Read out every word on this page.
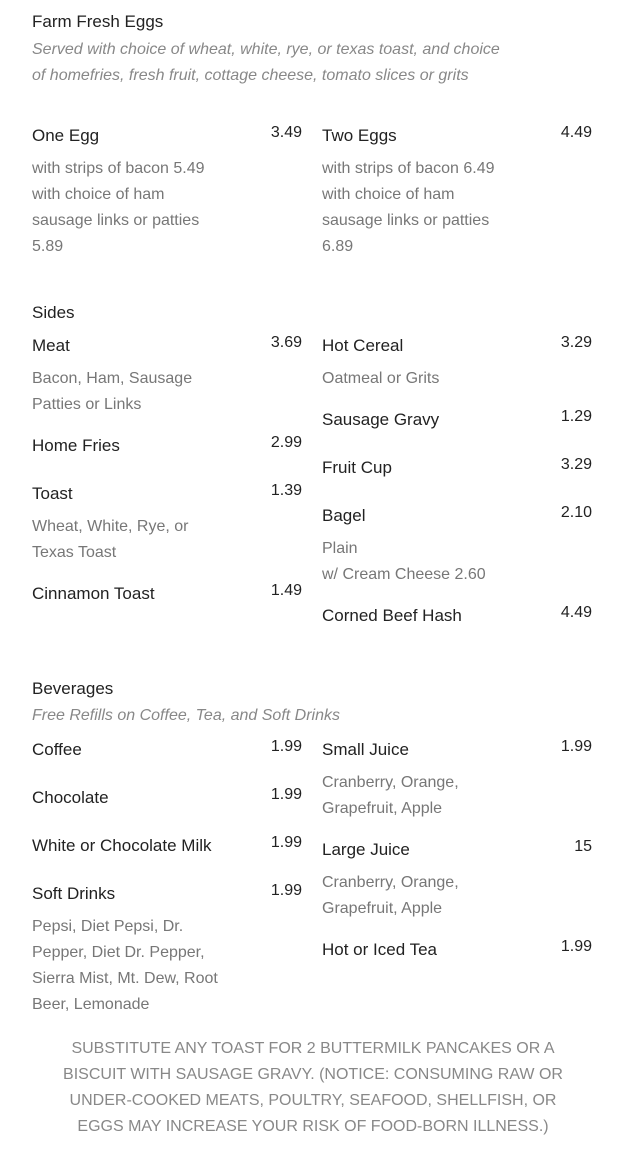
Farm Fresh Eggs
Served with choice of wheat, white, rye, or texas toast, and choice of homefries, fresh fruit, cottage cheese, tomato slices or grits
One Egg	3.49
with strips of bacon 5.49
with choice of ham sausage links or patties 5.89
Two Eggs	4.49
with strips of bacon 6.49
with choice of ham sausage links or patties 6.89
Sides
Meat	3.69
Bacon, Ham, Sausage Patties or Links
Home Fries	2.99
Toast	1.39
Wheat, White, Rye, or Texas Toast
Cinnamon Toast	1.49
Hot Cereal	3.29
Oatmeal or Grits
Sausage Gravy	1.29
Fruit Cup	3.29
Bagel	2.10
Plain
w/ Cream Cheese 2.60
Corned Beef Hash	4.49
Beverages
Free Refills on Coffee, Tea, and Soft Drinks
Coffee	1.99
Chocolate	1.99
White or Chocolate Milk	1.99
Soft Drinks	1.99
Pepsi, Diet Pepsi, Dr. Pepper, Diet Dr. Pepper, Sierra Mist, Mt. Dew, Root Beer, Lemonade
Small Juice	1.99
Cranberry, Orange, Grapefruit, Apple
Large Juice	15
Cranberry, Orange, Grapefruit, Apple
Hot or Iced Tea	1.99
SUBSTITUTE ANY TOAST FOR 2 BUTTERMILK PANCAKES OR A BISCUIT WITH SAUSAGE GRAVY. (NOTICE: CONSUMING RAW OR UNDER-COOKED MEATS, POULTRY, SEAFOOD, SHELLFISH, OR EGGS MAY INCREASE YOUR RISK OF FOOD-BORN ILLNESS.)
